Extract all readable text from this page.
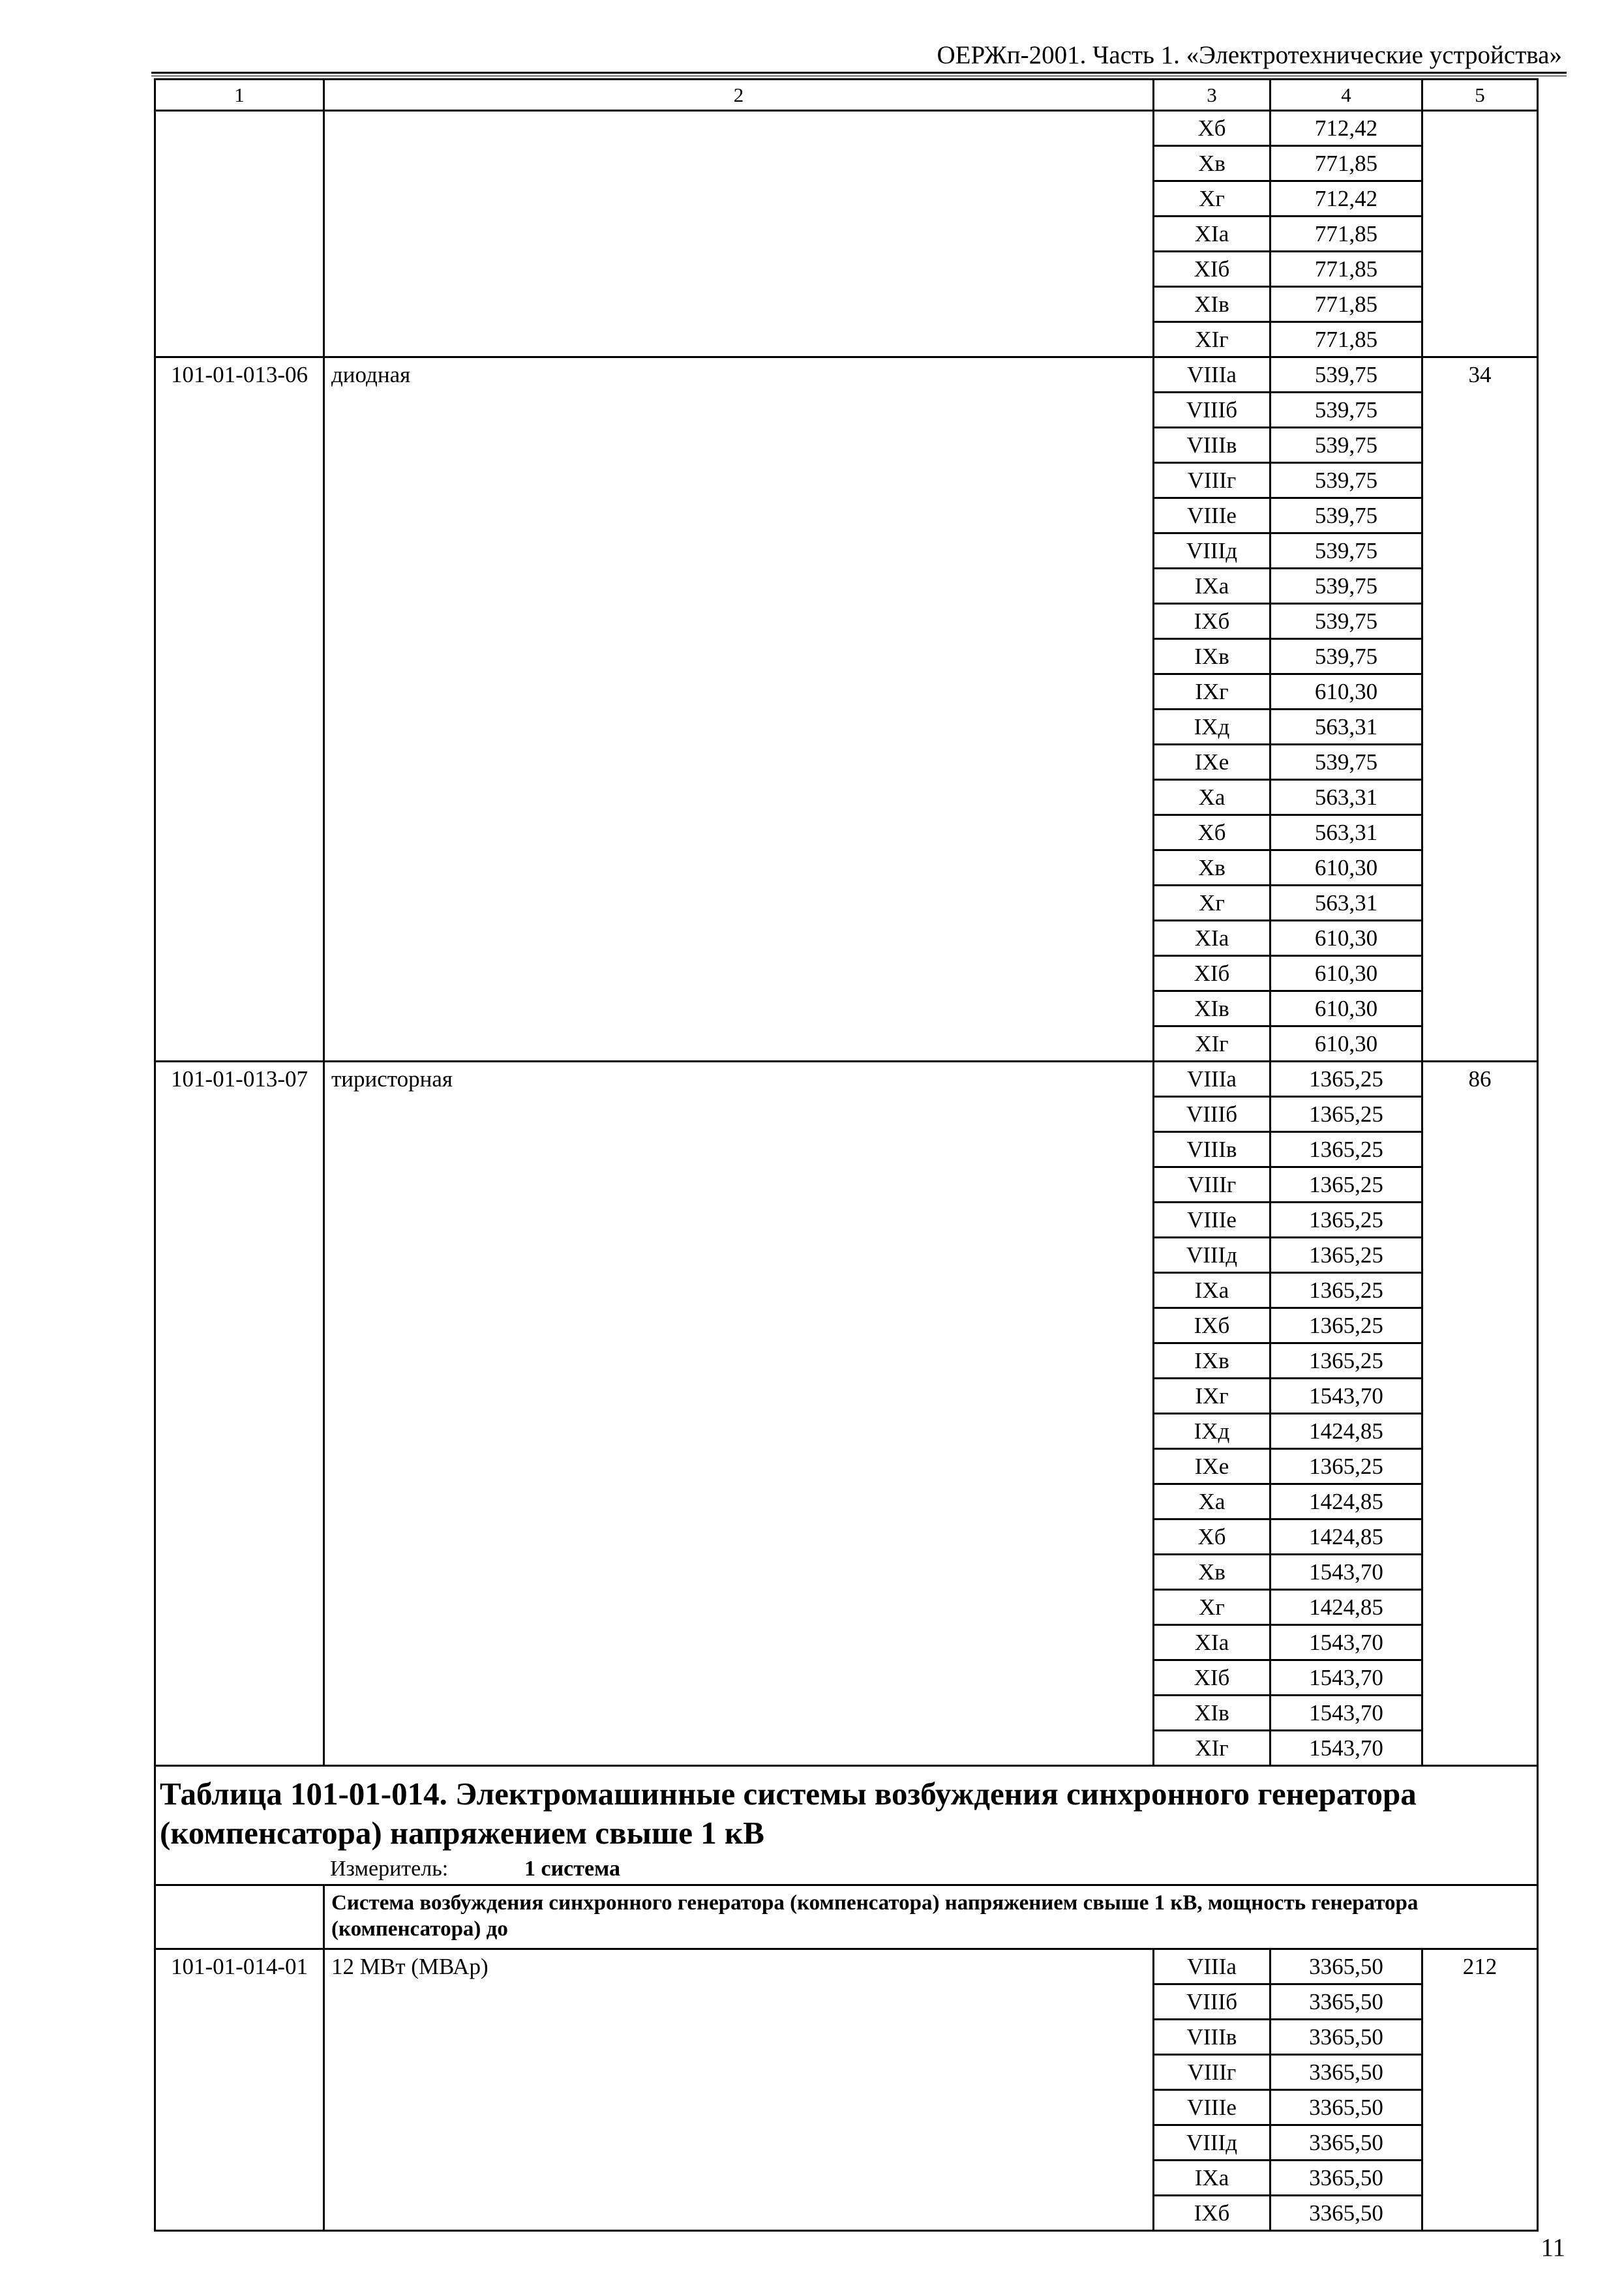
ОЕРЖп-2001. Часть 1. «Электротехнические устройства»
1	2	3	4	5
		Xб	712,42	
		Xв	771,85	
		Xг	712,42	
		XIа	771,85	
		XIб	771,85	
		XIв	771,85	
		XIг	771,85	
101-01-013-06	диодная	VIIIа	539,75	34
		VIIIб	539,75	
		VIIIв	539,75	
		VIIIг	539,75	
		VIIIе	539,75	
		VIIIд	539,75	
		IXа	539,75	
		IXб	539,75	
		IXв	539,75	
		IXг	610,30	
		IXд	563,31	
		IXе	539,75	
		Xа	563,31	
		Xб	563,31	
		Xв	610,30	
		Xг	563,31	
		XIа	610,30	
		XIб	610,30	
		XIв	610,30	
		XIг	610,30	
101-01-013-07	тиристорная	VIIIа	1365,25	86
		VIIIб	1365,25	
		VIIIв	1365,25	
		VIIIг	1365,25	
		VIIIе	1365,25	
		VIIIд	1365,25	
		IXа	1365,25	
		IXб	1365,25	
		IXв	1365,25	
		IXг	1543,70	
		IXд	1424,85	
		IXе	1365,25	
		Xа	1424,85	
		Xб	1424,85	
		Xв	1543,70	
		Xг	1424,85	
		XIа	1543,70	
		XIб	1543,70	
		XIв	1543,70	
		XIг	1543,70	

Таблица 101-01-014. Электромашинные системы возбуждения синхронного генератора
(компенсатора) напряжением свыше 1 кВ
Измеритель: 1 система				

	Система возбуждения синхронного генератора (компенсатора) напряжением свыше 1 кВ, мощность генератора (компенсатора) до			
101-01-014-01	12 МВт (МВАр)	VIIIа	3365,50	212
		VIIIб	3365,50	
		VIIIв	3365,50	
		VIIIг	3365,50	
		VIIIе	3365,50	
		VIIIд	3365,50	
		IXа	3365,50	
		IXб	3365,50	
11
